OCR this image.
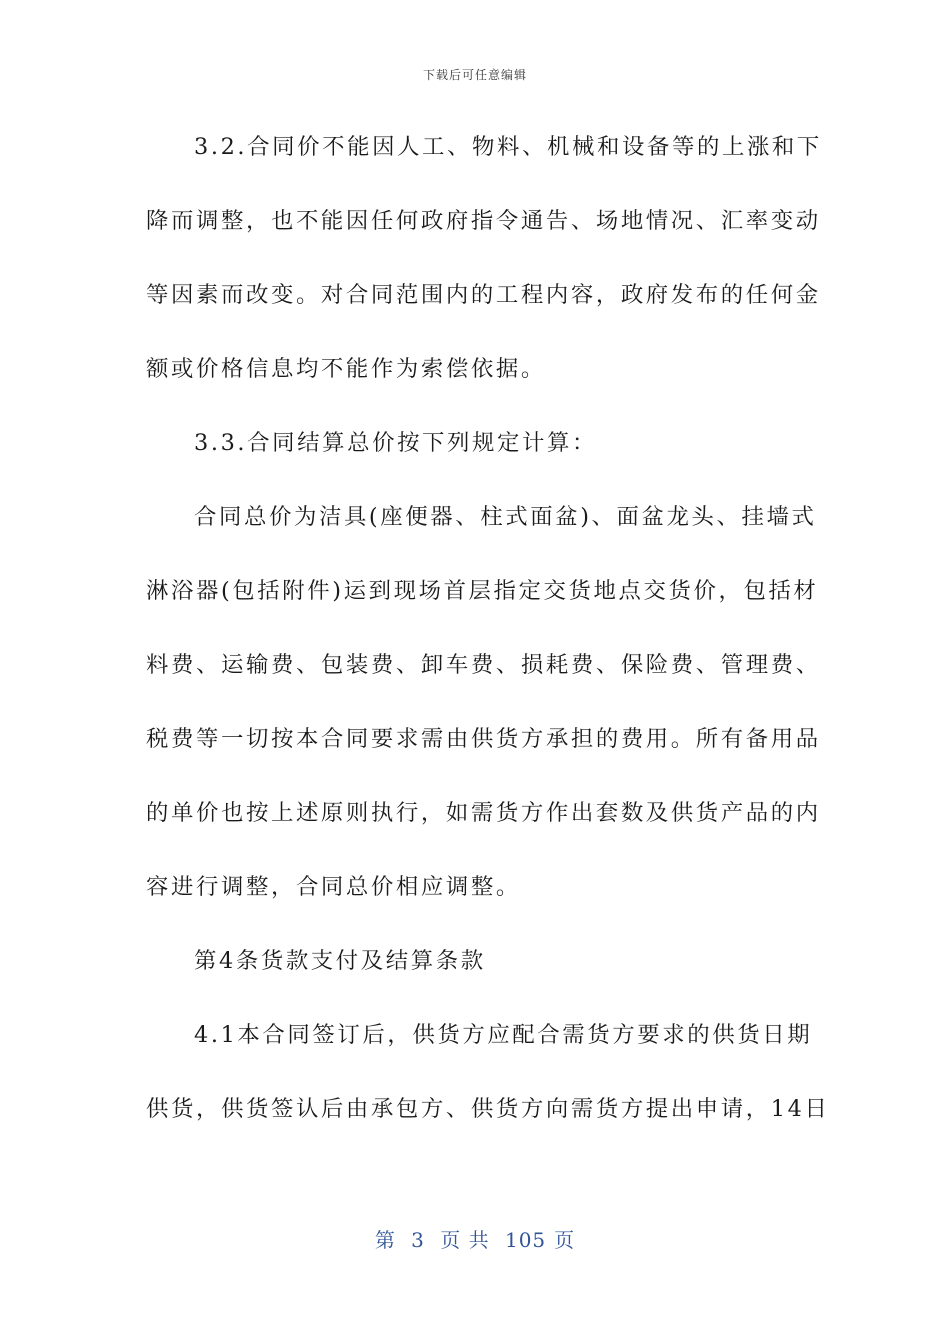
下载后可任意编辑
3.2.合同价不能因人工、物料、机械和设备等的上涨和下
降而调整，也不能因任何政府指令通告、场地情况、汇率变动
等因素而改变。对合同范围内的工程内容，政府发布的任何金
额或价格信息均不能作为索偿依据。
3.3.合同结算总价按下列规定计算：
合同总价为洁具(座便器、柱式面盆)、面盆龙头、挂墙式
淋浴器(包括附件)运到现场首层指定交货地点交货价，包括材
料费、运输费、包装费、卸车费、损耗费、保险费、管理费、
税费等一切按本合同要求需由供货方承担的费用。所有备用品
的单价也按上述原则执行，如需货方作出套数及供货产品的内
容进行调整，合同总价相应调整。
第4条货款支付及结算条款
4.1本合同签订后，供货方应配合需货方要求的供货日期
供货，供货签认后由承包方、供货方向需货方提出申请，14日
第 3 页 共 105 页
